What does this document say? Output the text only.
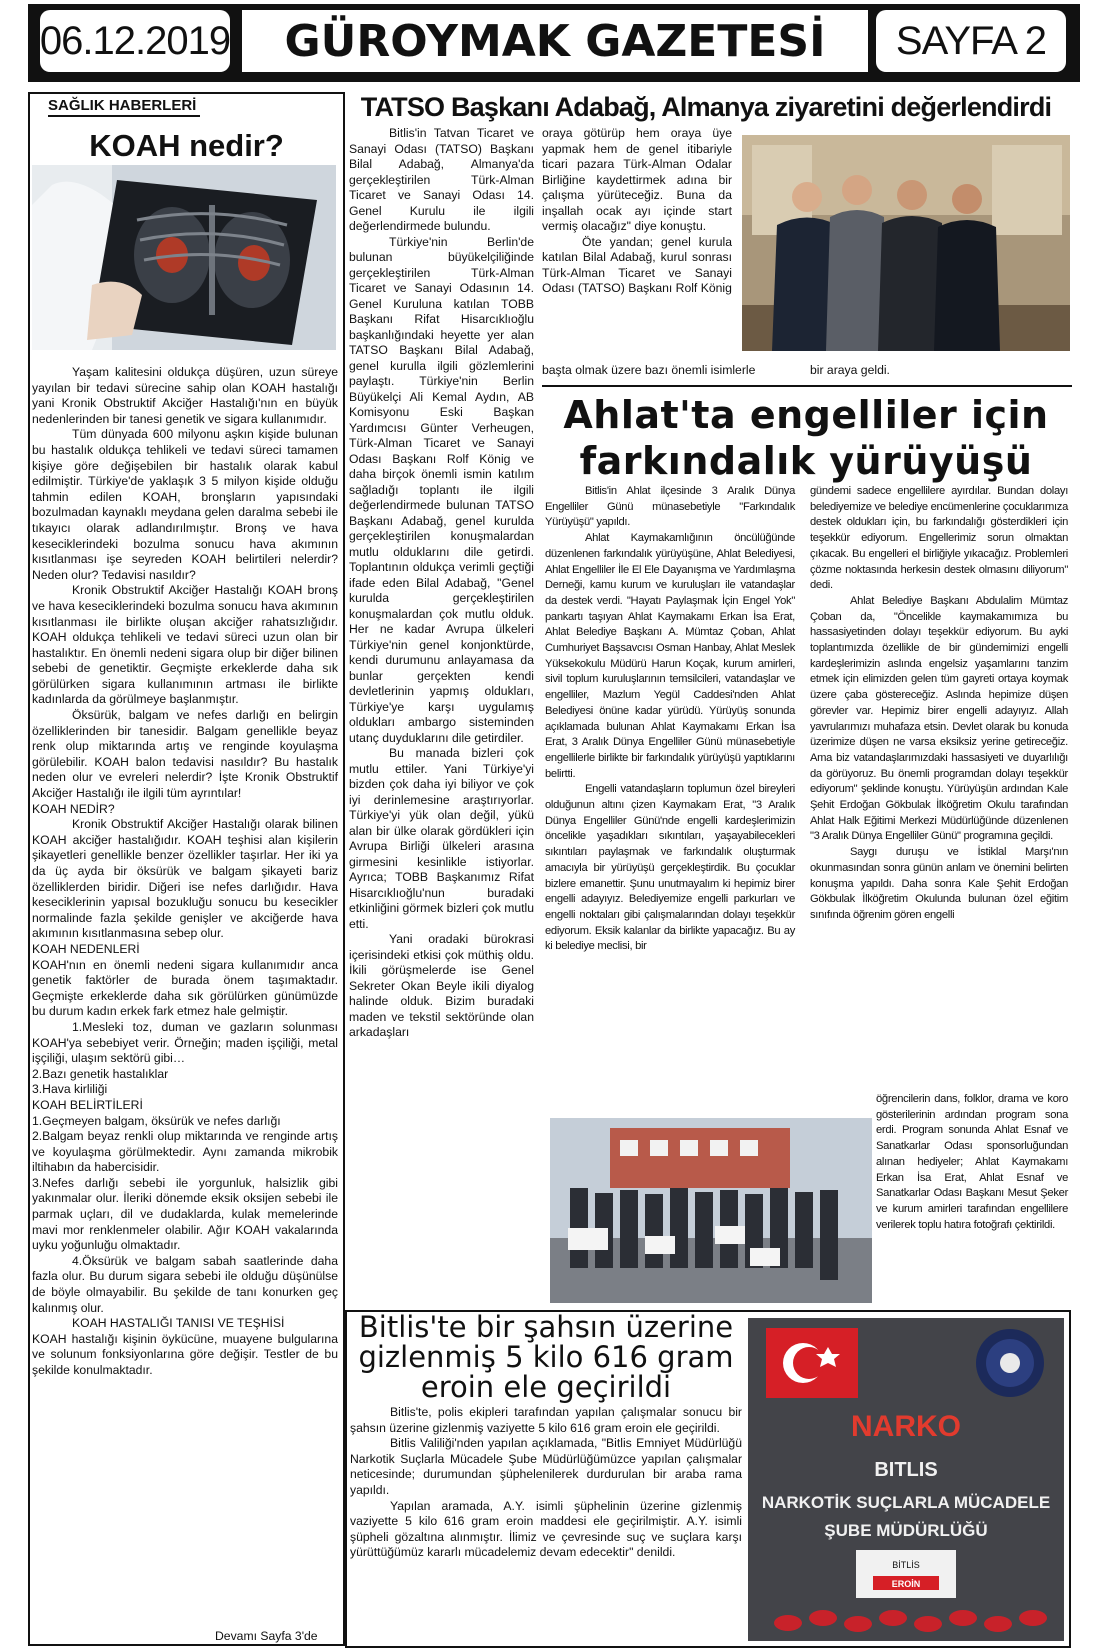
06.12.2019	GÜROYMAK GAZETESİ	SAYFA 2
SAĞLIK HABERLERİ
KOAH nedir?

Yaşam kalitesini oldukça düşüren, uzun süreye yayılan bir tedavi sürecine sahip olan KOAH hastalığı yani Kronik Obstruktif Akciğer Hastalığı'nın en büyük nedenlerinden bir tanesi genetik ve sigara kullanımıdır.

Tüm dünyada 600 milyonu aşkın kişide bulunan bu hastalık oldukça tehlikeli ve tedavi süreci tamamen kişiye göre değişebilen bir hastalık olarak kabul edilmiştir. Türkiye'de yaklaşık 3 5 milyon kişide olduğu tahmin edilen KOAH, bronşların yapısındaki bozulmadan kaynaklı meydana gelen daralma sebebi ile tıkayıcı olarak adlandırılmıştır. Bronş ve hava keseciklerindeki bozulma sonucu hava akımının kısıtlanması işe seyreden KOAH belirtileri nelerdir? Neden olur? Tedavisi nasıldır?

Kronik Obstruktif Akciğer Hastalığı KOAH bronş ve hava keseciklerindeki bozulma sonucu hava akımının kısıtlanması ile birlikte oluşan akciğer rahatsızlığıdır. KOAH oldukça tehlikeli ve tedavi süreci uzun olan bir hastalıktır. En önemli nedeni sigara olup bir diğer bilinen sebebi de genetiktir. Geçmişte erkeklerde daha sık görülürken sigara kullanımının artması ile birlikte kadınlarda da görülmeye başlanmıştır.

Öksürük, balgam ve nefes darlığı en belirgin özelliklerinden bir tanesidir. Balgam genellikle beyaz renk olup miktarında artış ve renginde koyulaşma görülebilir. KOAH balon tedavisi nasıldır? Bu hastalık neden olur ve evreleri nelerdir? İşte Kronik Obstruktif Akciğer Hastalığı ile ilgili tüm ayrıntılar!

KOAH NEDİR?

Kronik Obstruktif Akciğer Hastalığı olarak bilinen KOAH akciğer hastalığıdır. KOAH teşhisi alan kişilerin şikayetleri genellikle benzer özellikler taşırlar. Her iki ya da üç ayda bir öksürük ve balgam şikayeti bariz özelliklerden biridir. Diğeri ise nefes darlığıdır. Hava keseciklerinin yapısal bozukluğu sonucu bu kesecikler normalinde fazla şekilde genişler ve akciğerde hava akımının kısıtlanmasına sebep olur.

KOAH NEDENLERİ

KOAH'nın en önemli nedeni sigara kullanımıdır anca genetik faktörler de burada önem taşımaktadır. Geçmişte erkeklerde daha sık görülürken günümüzde bu durum kadın erkek fark etmez hale gelmiştir.

1.Mesleki toz, duman ve gazların solunması KOAH'ya sebebiyet verir. Örneğin; maden işçiliği, metal işçiliği, ulaşım sektörü gibi…

2.Bazı genetik hastalıklar

3.Hava kirliliği

KOAH BELİRTİLERİ

1.Geçmeyen balgam, öksürük ve nefes darlığı

2.Balgam beyaz renkli olup miktarında ve renginde artış ve koyulaşma görülmektedir. Aynı zamanda mikrobik iltihabın da habercisidir.

3.Nefes darlığı sebebi ile yorgunluk, halsizlik gibi yakınmalar olur. İleriki dönemde eksik oksijen sebebi ile parmak uçları, dil ve dudaklarda, kulak memelerinde mavi mor renklenmeler olabilir. Ağır KOAH vakalarında uyku yoğunluğu olmaktadır.

4.Öksürük ve balgam sabah saatlerinde daha fazla olur. Bu durum sigara sebebi ile olduğu düşünülse de böyle olmayabilir. Bu şekilde de tanı konurken geç kalınmış olur.

KOAH HASTALIĞI TANISI VE TEŞHİSİ

KOAH hastalığı kişinin öykücüne, muayene bulgularına ve solunum fonksiyonlarına göre değişir. Testler de bu şekilde konulmaktadır.

Devamı Sayfa 3'de
TATSO Başkanı Adabağ, Almanya ziyaretini değerlendirdi

Bitlis'in Tatvan Ticaret ve Sanayi Odası (TATSO) Başkanı Bilal Adabağ, Almanya'da gerçekleştirilen Türk-Alman Ticaret ve Sanayi Odası 14. Genel Kurulu ile ilgili değerlendirmede bulundu.

Türkiye'nin Berlin'de bulunan büyükelçiliğinde gerçekleştirilen Türk-Alman Ticaret ve Sanayi Odasının 14. Genel Kuruluna katılan TOBB Başkanı Rifat Hisarcıklıoğlu başkanlığındaki heyette yer alan TATSO Başkanı Bilal Adabağ, genel kurulla ilgili gözlemlerini paylaştı. Türkiye'nin Berlin Büyükelçi Ali Kemal Aydın, AB Komisyonu Eski Başkan Yardımcısı Günter Verheugen, Türk-Alman Ticaret ve Sanayi Odası Başkanı Rolf König ve daha birçok önemli ismin katılım sağladığı toplantı ile ilgili değerlendirmede bulunan TATSO Başkanı Adabağ, genel kurulda gerçekleştirilen konuşmalardan mutlu olduklarını dile getirdi. Toplantının oldukça verimli geçtiği ifade eden Bilal Adabağ, "Genel kurulda gerçekleştirilen konuşmalardan çok mutlu olduk. Her ne kadar Avrupa ülkeleri Türkiye'nin genel konjonktürde, kendi durumunu anlayamasa da bunlar gerçekten kendi devletlerinin yapmış oldukları, Türkiye'ye karşı uygulamış oldukları ambargo sisteminden utanç duyduklarını dile getirdiler.

Bu manada bizleri çok mutlu ettiler. Yani Türkiye'yi bizden çok daha iyi biliyor ve çok iyi derinlemesine araştırıyorlar. Türkiye'yi yük olan değil, yükü alan bir ülke olarak gördükleri için Avrupa Birliği ülkeleri arasına girmesini kesinlikle istiyorlar. Ayrıca; TOBB Başkanımız Rifat Hisarcıklıoğlu'nun buradaki etkinliğini görmek bizleri çok mutlu etti.

Yani oradaki bürokrasi içerisindeki etkisi çok müthiş oldu. İkili görüşmelerde ise Genel Sekreter Okan Beyle ikili diyalog halinde olduk. Bizim buradaki maden ve tekstil sektöründe olan arkadaşları

oraya götürüp hem oraya üye yapmak hem de genel itibariyle ticari pazara Türk-Alman Odalar Birliğine kaydettirmek adına bir çalışma yürüteceğiz. Buna da inşallah ocak ayı içinde start vermiş olacağız" diye konuştu.

Öte yandan; genel kurula katılan Bilal Adabağ, kurul sonrası Türk-Alman Ticaret ve Sanayi Odası (TATSO) Başkanı Rolf König

başta olmak üzere bazı önemli isimlerle	bir araya geldi.
Ahlat'ta engelliler için
farkındalık yürüyüşü

Bitlis'in Ahlat ilçesinde 3 Aralık Dünya Engelliler Günü münasebetiyle "Farkındalık Yürüyüşü" yapıldı.

Ahlat Kaymakamlığının öncülüğünde düzenlenen farkındalık yürüyüşüne, Ahlat Belediyesi, Ahlat Engelliler İle El Ele Dayanışma ve Yardımlaşma Derneği, kamu kurum ve kuruluşları ile vatandaşlar da destek verdi. "Hayatı Paylaşmak İçin Engel Yok" pankartı taşıyan Ahlat Kaymakamı Erkan İsa Erat, Ahlat Belediye Başkanı A. Mümtaz Çoban, Ahlat Cumhuriyet Başsavcısı Osman Hanbay, Ahlat Meslek Yüksekokulu Müdürü Harun Koçak, kurum amirleri, sivil toplum kuruluşlarının temsilcileri, vatandaşlar ve engelliler, Mazlum Yegül Caddesi'nden Ahlat Belediyesi önüne kadar yürüdü. Yürüyüş sonunda açıklamada bulunan Ahlat Kaymakamı Erkan İsa Erat, 3 Aralık Dünya Engelliler Günü münasebetiyle engellilerle birlikte bir farkındalık yürüyüşü yaptıklarını belirtti.

Engelli vatandaşların toplumun özel bireyleri olduğunun altını çizen Kaymakam Erat, "3 Aralık Dünya Engelliler Günü'nde engelli kardeşlerimizin öncelikle yaşadıkları sıkıntıları, yaşayabilecekleri sıkıntıları paylaşmak ve farkındalık oluşturmak amacıyla bir yürüyüşü gerçekleştirdik. Bu çocuklar bizlere emanettir. Şunu unutmayalım ki hepimiz birer engelli adayıyız. Belediyemize engelli parkurları ve engelli noktaları gibi çalışmalarından dolayı teşekkür ediyorum. Eksik kalanlar da birlikte yapacağız. Bu ay ki belediye meclisi, bir

gündemi sadece engellilere ayırdılar. Bundan dolayı belediyemize ve belediye encümenlerine çocuklarımıza destek oldukları için, bu farkındalığı gösterdikleri için teşekkür ediyorum. Engellerimiz sorun olmaktan çıkacak. Bu engelleri el birliğiyle yıkacağız. Problemleri çözme noktasında herkesin destek olmasını diliyorum" dedi.

Ahlat Belediye Başkanı Abdulalim Mümtaz Çoban da, "Öncelikle kaymakamımıza bu hassasiyetinden dolayı teşekkür ediyorum. Bu ayki toplantımızda özellikle de bir gündemimizi engelli kardeşlerimizin aslında engelsiz yaşamlarını tanzim etmek için elimizden gelen tüm gayreti ortaya koymak üzere çaba göstereceğiz. Aslında hepimize düşen görevler var. Hepimiz birer engelli adayıyız. Allah yavrularımızı muhafaza etsin. Devlet olarak bu konuda üzerimize düşen ne varsa eksiksiz yerine getireceğiz. Ama biz vatandaşlarımızdaki hassasiyeti ve duyarlılığı da görüyoruz. Bu önemli programdan dolayı teşekkür ediyorum" şeklinde konuştu. Yürüyüşün ardından Kale Şehit Erdoğan Gökbulak İlköğretim Okulu tarafından Ahlat Halk Eğitimi Merkezi Müdürlüğünde düzenlenen "3 Aralık Dünya Engelliler Günü" programına geçildi.

Saygı duruşu ve İstiklal Marşı'nın okunmasından sonra günün anlam ve önemini belirten konuşma yapıldı. Daha sonra Kale Şehit Erdoğan Gökbulak İlköğretim Okulunda bulunan özel eğitim sınıfında öğrenim gören engelli

öğrencilerin dans, folklor, drama ve koro gösterilerinin ardından program sona erdi. Program sonunda Ahlat Esnaf ve Sanatkarlar Odası sponsorluğundan alınan hediyeler; Ahlat Kaymakamı Erkan İsa Erat, Ahlat Esnaf ve Sanatkarlar Odası Başkanı Mesut Şeker ve kurum amirleri tarafından engellilere verilerek toplu hatıra fotoğrafı çektirildi.
Bitlis'te bir şahsın üzerine
gizlenmiş 5 kilo 616 gram
eroin ele geçirildi

Bitlis'te, polis ekipleri tarafından yapılan çalışmalar sonucu bir şahsın üzerine gizlenmiş vaziyette 5 kilo 616 gram eroin ele geçirildi.

Bitlis Valiliği'nden yapılan açıklamada, "Bitlis Emniyet Müdürlüğü Narkotik Suçlarla Mücadele Şube Müdürlüğümüzce yapılan çalışmalar neticesinde; durumundan şüphelenilerek durdurulan bir araba rama yapıldı.

Yapılan aramada, A.Y. isimli şüphelinin üzerine gizlenmiş vaziyette 5 kilo 616 gram eroin maddesi ele geçirilmiştir. A.Y. isimli şüpheli gözaltına alınmıştır. İlimiz ve çevresinde suç ve suçlara karşı yürüttüğümüz kararlı mücadelemiz devam edecektir" denildi.

NARKO
BITLIS
NARKOTİK SUÇLARLA MÜCADELE
ŞUBE MÜDÜRLÜĞÜ
BİTLİS
EROİN
